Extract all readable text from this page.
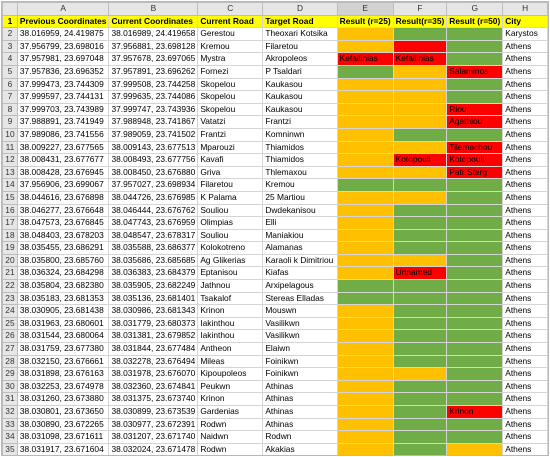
	A	B	C	D	E	F	G	H
1	Previous Coordinates	Current Coordinates	Current Road	Target Road	Result (r=25)	Result(r=35)	Result (r=50)	City
2	38.016959, 24.419875	38.016989, 24.419658	Gerestou	Theoxari Kotsika				Karystos
3	37.956799, 23.698016	37.956881, 23.698128	Kremou	Filaretou				Athens
4	37.957981, 23.697048	37.957678, 23.697065	Mystra	Akropoleos	Kefallinias	Kefallinias		Athens
5	37.957836, 23.696352	37.957891, 23.696262	Fornezi	P Tsaldari			Salaminos	Athens
6	37.999473, 23.744309	37.999508, 23.744258	Skopelou	Kaukasou				Athens
7	37.999597, 23.744131	37.999635, 23.744086	Skopelou	Kaukasou				Athens
8	37.999703, 23.743989	37.999747, 23.743936	Skopelou	Kaukasou			Riou	Athens
9	37.988891, 23.741949	37.988948, 23.741867	Vatatzi	Frantzi			Agathiou	Athens
10	37.989086, 23.741556	37.989059, 23.741502	Frantzi	Komninwn				Athens
11	38.009227, 23.677565	38.009143, 23.677513	Mparouzi	Thiamidos			Tilemachou	Athens
12	38.008431, 23.677677	38.008493, 23.677756	Kavafi	Thiamidos		Kotopouli	Kotopouli	Athens
13	38.008428, 23.676945	38.008450, 23.676880	Griva	Thlemaxou			Patr Sterg	Athens
14	37.956906, 23.699067	37.957027, 23.698934	Filaretou	Kremou				Athens
15	38.044616, 23.676898	38.044726, 23.676985	K Palama	25 Martiou				Athens
16	38.046277, 23.676648	38.046444, 23.676762	Souliou	Dwdekanisou				Athens
17	38.047573, 23.676845	38.047743, 23.676959	Olimpias	Elli				Athens
18	38.048403, 23.678203	38.048547, 23.678317	Souliou	Maniakiou				Athens
19	38.035455, 23.686291	38.035588, 23.686377	Kolokotreno	Alamanas				Athens
20	38.035800, 23.685760	38.035686, 23.685685	Ag Glikerias	Karaoli k Dimitriou				Athens
21	38.036324, 23.684298	38.036383, 23.684379	Eptanisou	Kiafas		Unnamed		Athens
22	38.035804, 23.682380	38.035905, 23.682249	Jathnou	Arxipelagous				Athens
23	38.035183, 23.681353	38.035136, 23.681401	Tsakalof	Stereas Elladas				Athens
24	38.030905, 23.681438	38.030986, 23.681343	Krinon	Mouswn				Athens
25	38.031963, 23.680601	38.031779, 23.680373	Iakinthou	Vasilikwn				Athens
26	38.031544, 23.680064	38.031381, 23.679852	Iakinthou	Vasilikwn				Athens
27	38.031759, 23.677380	38.031844, 23.677484	Antheon	Elaiwn				Athens
28	38.032150, 23.676661	38.032278, 23.676494	Mileas	Foinikwn				Athens
29	38.031898, 23.676163	38.031978, 23.676070	Kipoupoleos	Foinikwn				Athens
30	38.032253, 23.674978	38.032360, 23.674841	Peukwn	Athinas				Athens
31	38.031260, 23.673880	38.031375, 23.673740	Krinon	Athinas				Athens
32	38.030801, 23.673650	38.030899, 23.673539	Gardenias	Athinas			Krinon	Athens
33	38.030890, 23.672265	38.030977, 23.672391	Rodwn	Athinas				Athens
34	38.031098, 23.671611	38.031207, 23.671740	Naidwn	Rodwn				Athens
35	38.031917, 23.671604	38.032024, 23.671478	Rodwn	Akakias				Athens
